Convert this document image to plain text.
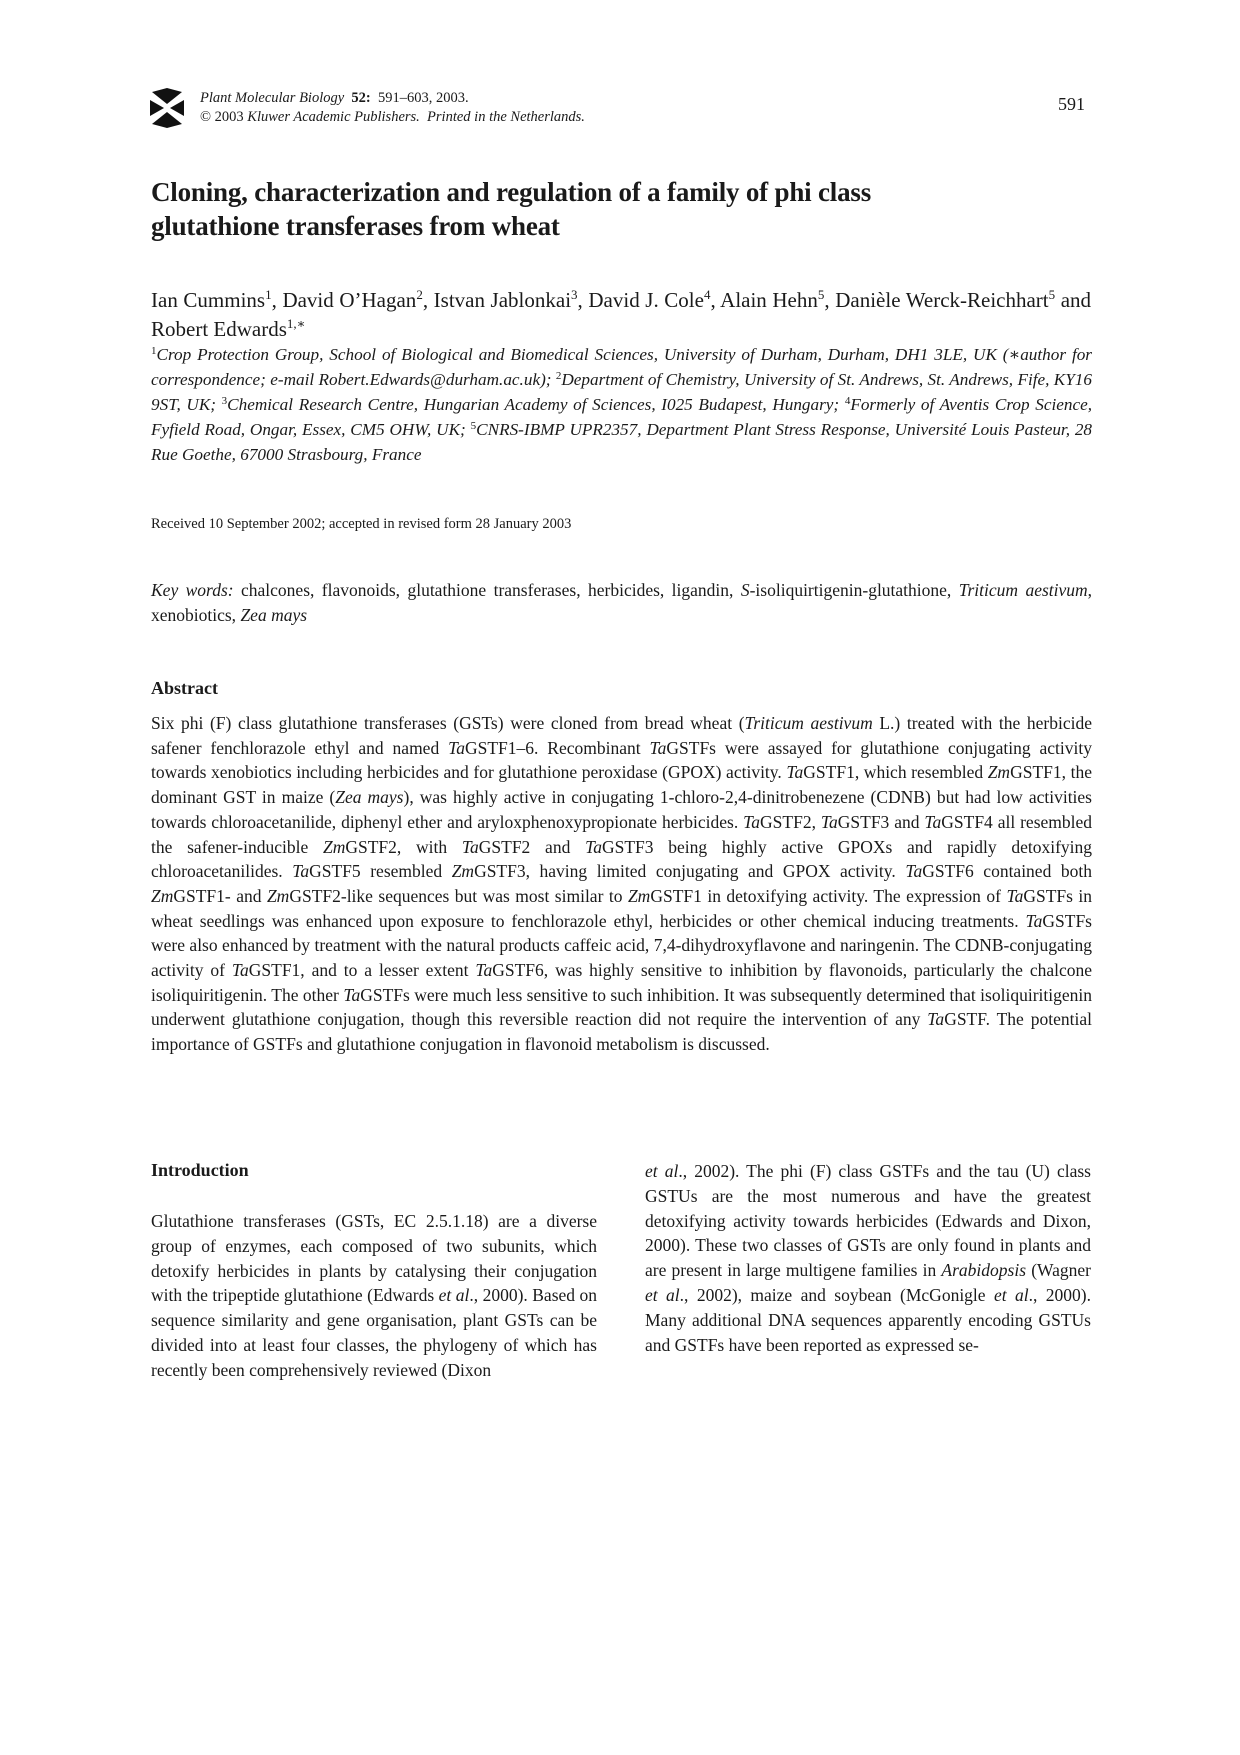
Plant Molecular Biology 52: 591–603, 2003.
© 2003 Kluwer Academic Publishers. Printed in the Netherlands.
591
Cloning, characterization and regulation of a family of phi class
glutathione transferases from wheat
Ian Cummins$^1$, David O’Hagan$^2$, Istvan Jablonkai$^3$, David J. Cole$^4$, Alain Hehn$^5$, Danièle Werck-Reichhart$^5$ and Robert Edwards$^{1,∗}$
$^1$Crop Protection Group, School of Biological and Biomedical Sciences, University of Durham, Durham, DH1 3LE, UK (∗author for correspondence; e-mail Robert.Edwards@durham.ac.uk); $^2$Department of Chemistry, University of St. Andrews, St. Andrews, Fife, KY16 9ST, UK; $^3$Chemical Research Centre, Hungarian Academy of Sciences, I025 Budapest, Hungary; $^4$Formerly of Aventis Crop Science, Fyfield Road, Ongar, Essex, CM5 OHW, UK; $^5$CNRS-IBMP UPR2357, Department Plant Stress Response, Université Louis Pasteur, 28 Rue Goethe, 67000 Strasbourg, France
Received 10 September 2002; accepted in revised form 28 January 2003
Key words: chalcones, flavonoids, glutathione transferases, herbicides, ligandin, S-isoliquirtigenin-glutathione, Triticum aestivum, xenobiotics, Zea mays
Abstract
Six phi (F) class glutathione transferases (GSTs) were cloned from bread wheat (Triticum aestivum L.) treated with the herbicide safener fenchlorazole ethyl and named TaGSTF1–6. Recombinant TaGSTFs were assayed for glutathione conjugating activity towards xenobiotics including herbicides and for glutathione peroxidase (GPOX) activity. TaGSTF1, which resembled ZmGSTF1, the dominant GST in maize (Zea mays), was highly active in conjugating 1-chloro-2,4-dinitrobenezene (CDNB) but had low activities towards chloroacetanilide, diphenyl ether and aryloxphenoxypropionate herbicides. TaGSTF2, TaGSTF3 and TaGSTF4 all resembled the safener-inducible ZmGSTF2, with TaGSTF2 and TaGSTF3 being highly active GPOXs and rapidly detoxifying chloroacetanilides. TaGSTF5 resembled ZmGSTF3, having limited conjugating and GPOX activity. TaGSTF6 contained both ZmGSTF1- and ZmGSTF2-like sequences but was most similar to ZmGSTF1 in detoxifying activity. The expression of TaGSTFs in wheat seedlings was enhanced upon exposure to fenchlorazole ethyl, herbicides or other chemical inducing treatments. TaGSTFs were also enhanced by treatment with the natural products caffeic acid, 7,4-dihydroxyflavone and naringenin. The CDNB-conjugating activity of TaGSTF1, and to a lesser extent TaGSTF6, was highly sensitive to inhibition by flavonoids, particularly the chalcone isoliquiritigenin. The other TaGSTFs were much less sensitive to such inhibition. It was subsequently determined that isoliquiritigenin underwent glutathione conjugation, though this reversible reaction did not require the intervention of any TaGSTF. The potential importance of GSTFs and glutathione conjugation in flavonoid metabolism is discussed.
Introduction
Glutathione transferases (GSTs, EC 2.5.1.18) are a diverse group of enzymes, each composed of two subunits, which detoxify herbicides in plants by catalysing their conjugation with the tripeptide glutathione (Edwards et al., 2000). Based on sequence similarity and gene organisation, plant GSTs can be divided into at least four classes, the phylogeny of which has recently been comprehensively reviewed (Dixon
et al., 2002). The phi (F) class GSTFs and the tau (U) class GSTUs are the most numerous and have the greatest detoxifying activity towards herbicides (Edwards and Dixon, 2000). These two classes of GSTs are only found in plants and are present in large multigene families in Arabidopsis (Wagner et al., 2002), maize and soybean (McGonigle et al., 2000). Many additional DNA sequences apparently encoding GSTUs and GSTFs have been reported as expressed se-
